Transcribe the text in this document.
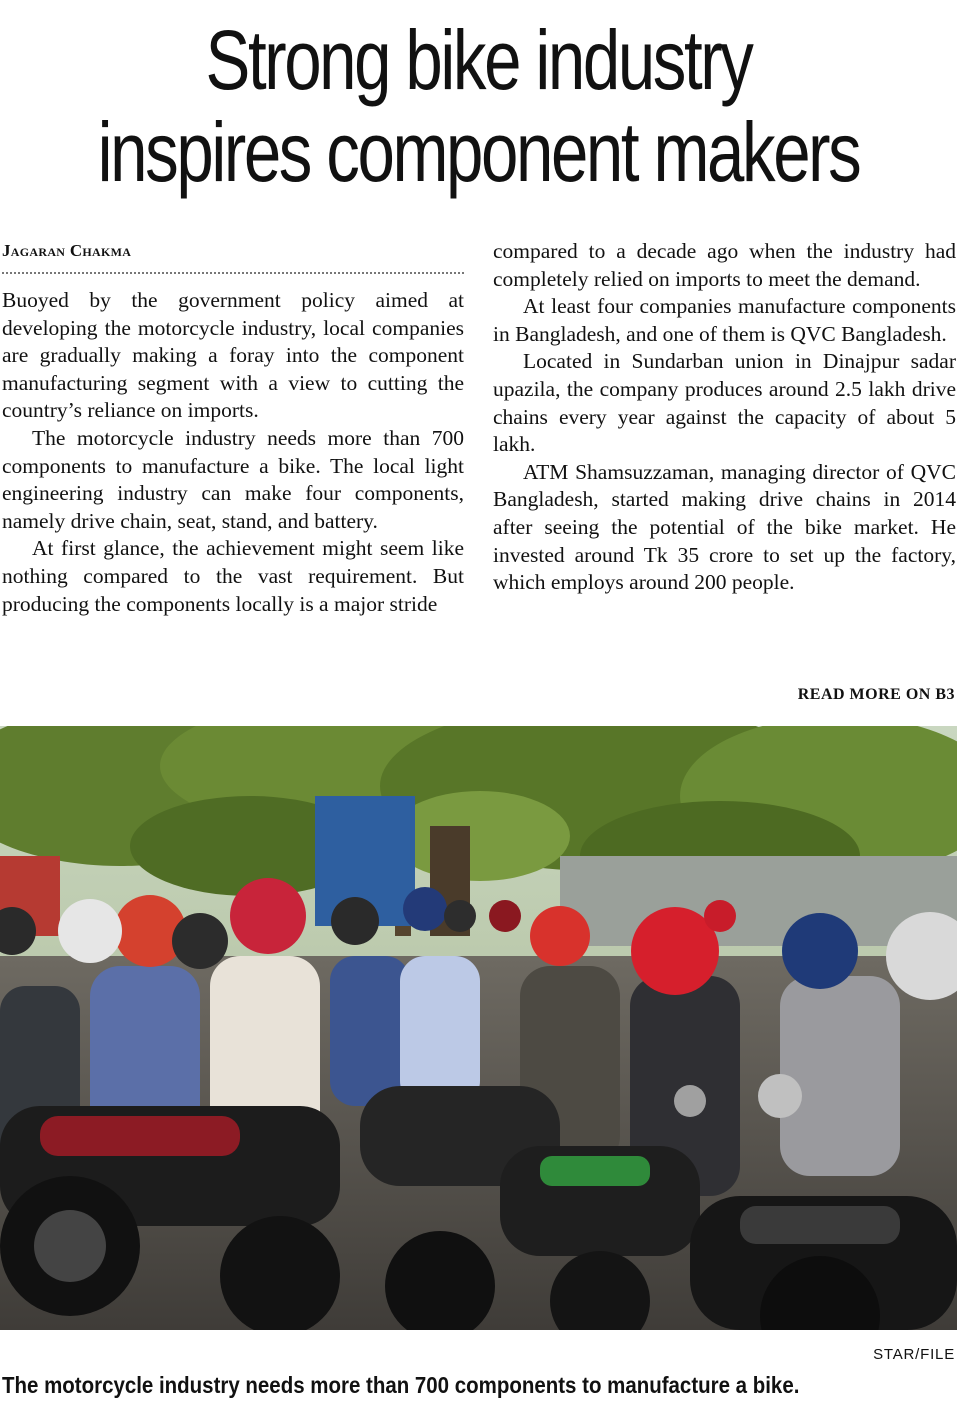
Strong bike industry inspires component makers
Jagaran Chakma

Buoyed by the government policy aimed at developing the motorcycle industry, local companies are gradually making a foray into the component manufacturing segment with a view to cutting the country’s reliance on imports.

The motorcycle industry needs more than 700 components to manufacture a bike. The local light engineering industry can make four components, namely drive chain, seat, stand, and battery.

At first glance, the achievement might seem like nothing compared to the vast requirement. But producing the components locally is a major stride

compared to a decade ago when the industry had completely relied on imports to meet the demand.

At least four companies manufacture components in Bangladesh, and one of them is QVC Bangladesh.

Located in Sundarban union in Dinajpur sadar upazila, the company produces around 2.5 lakh drive chains every year against the capacity of about 5 lakh.

ATM Shamsuzzaman, managing director of QVC Bangladesh, started making drive chains in 2014 after seeing the potential of the bike market. He invested around Tk 35 crore to set up the factory, which employs around 200 people.

READ MORE ON B3
STAR/FILE
The motorcycle industry needs more than 700 components to manufacture a bike.
